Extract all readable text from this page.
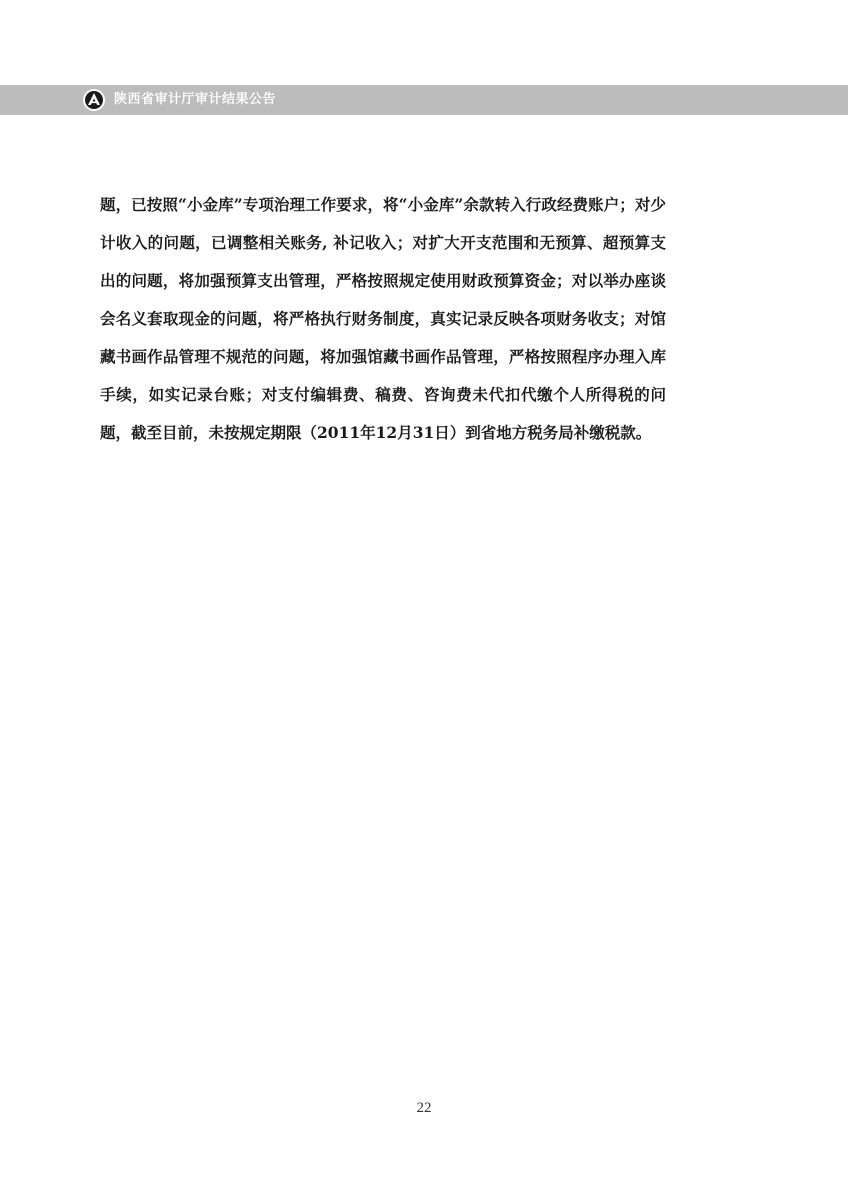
陕西省审计厅审计结果公告

题，已按照“小金库”专项治理工作要求，将“小金库”余款转入行政经费账户；对少计收入的问题，已调整相关账务, 补记收入；对扩大开支范围和无预算、超预算支出的问题，将加强预算支出管理，严格按照规定使用财政预算资金；对以举办座谈会名义套取现金的问题，将严格执行财务制度，真实记录反映各项财务收支；对馆藏书画作品管理不规范的问题，将加强馆藏书画作品管理，严格按照程序办理入库手续，如实记录台账；对支付编辑费、稿费、咨询费未代扣代缴个人所得税的问题，截至目前，未按规定期限（2011年12月31日）到省地方税务局补缴税款。

22
